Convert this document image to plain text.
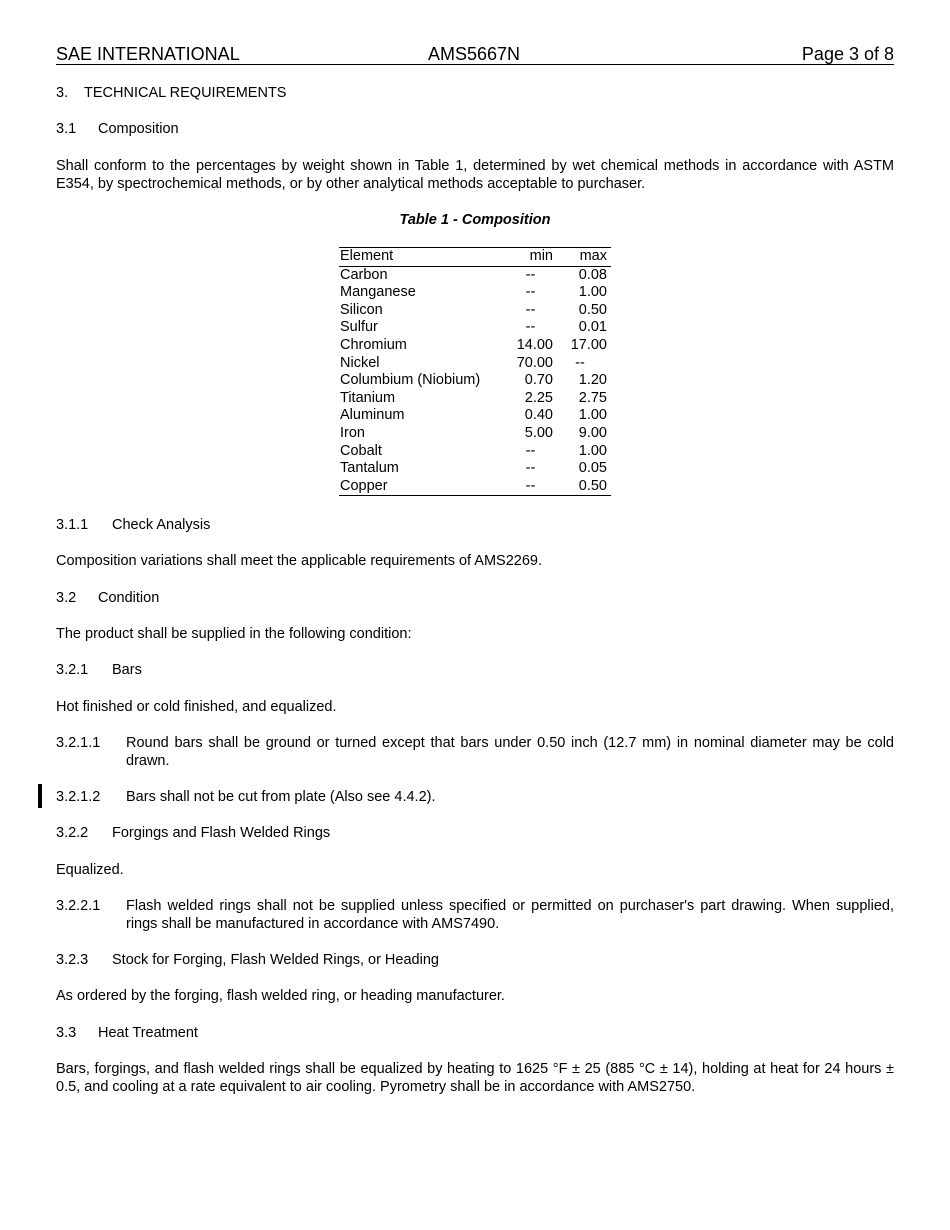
SAE INTERNATIONAL	AMS5667N	Page 3 of 8
3. TECHNICAL REQUIREMENTS
3.1 Composition
Shall conform to the percentages by weight shown in Table 1, determined by wet chemical methods in accordance with ASTM E354, by spectrochemical methods, or by other analytical methods acceptable to purchaser.
Table 1 - Composition
Element	min	max
Carbon	--	0.08
Manganese	--	1.00
Silicon	--	0.50
Sulfur	--	0.01
Chromium	14.00	17.00
Nickel	70.00	--
Columbium (Niobium)	0.70	1.20
Titanium	2.25	2.75
Aluminum	0.40	1.00
Iron	5.00	9.00
Cobalt	--	1.00
Tantalum	--	0.05
Copper	--	0.50
3.1.1 Check Analysis
Composition variations shall meet the applicable requirements of AMS2269.
3.2 Condition
The product shall be supplied in the following condition:
3.2.1 Bars
Hot finished or cold finished, and equalized.
3.2.1.1 Round bars shall be ground or turned except that bars under 0.50 inch (12.7 mm) in nominal diameter may be cold drawn.
3.2.1.2 Bars shall not be cut from plate (Also see 4.4.2).
3.2.2 Forgings and Flash Welded Rings
Equalized.
3.2.2.1 Flash welded rings shall not be supplied unless specified or permitted on purchaser's part drawing. When supplied, rings shall be manufactured in accordance with AMS7490.
3.2.3 Stock for Forging, Flash Welded Rings, or Heading
As ordered by the forging, flash welded ring, or heading manufacturer.
3.3 Heat Treatment
Bars, forgings, and flash welded rings shall be equalized by heating to 1625 °F ± 25 (885 °C ± 14), holding at heat for 24 hours ± 0.5, and cooling at a rate equivalent to air cooling. Pyrometry shall be in accordance with AMS2750.
